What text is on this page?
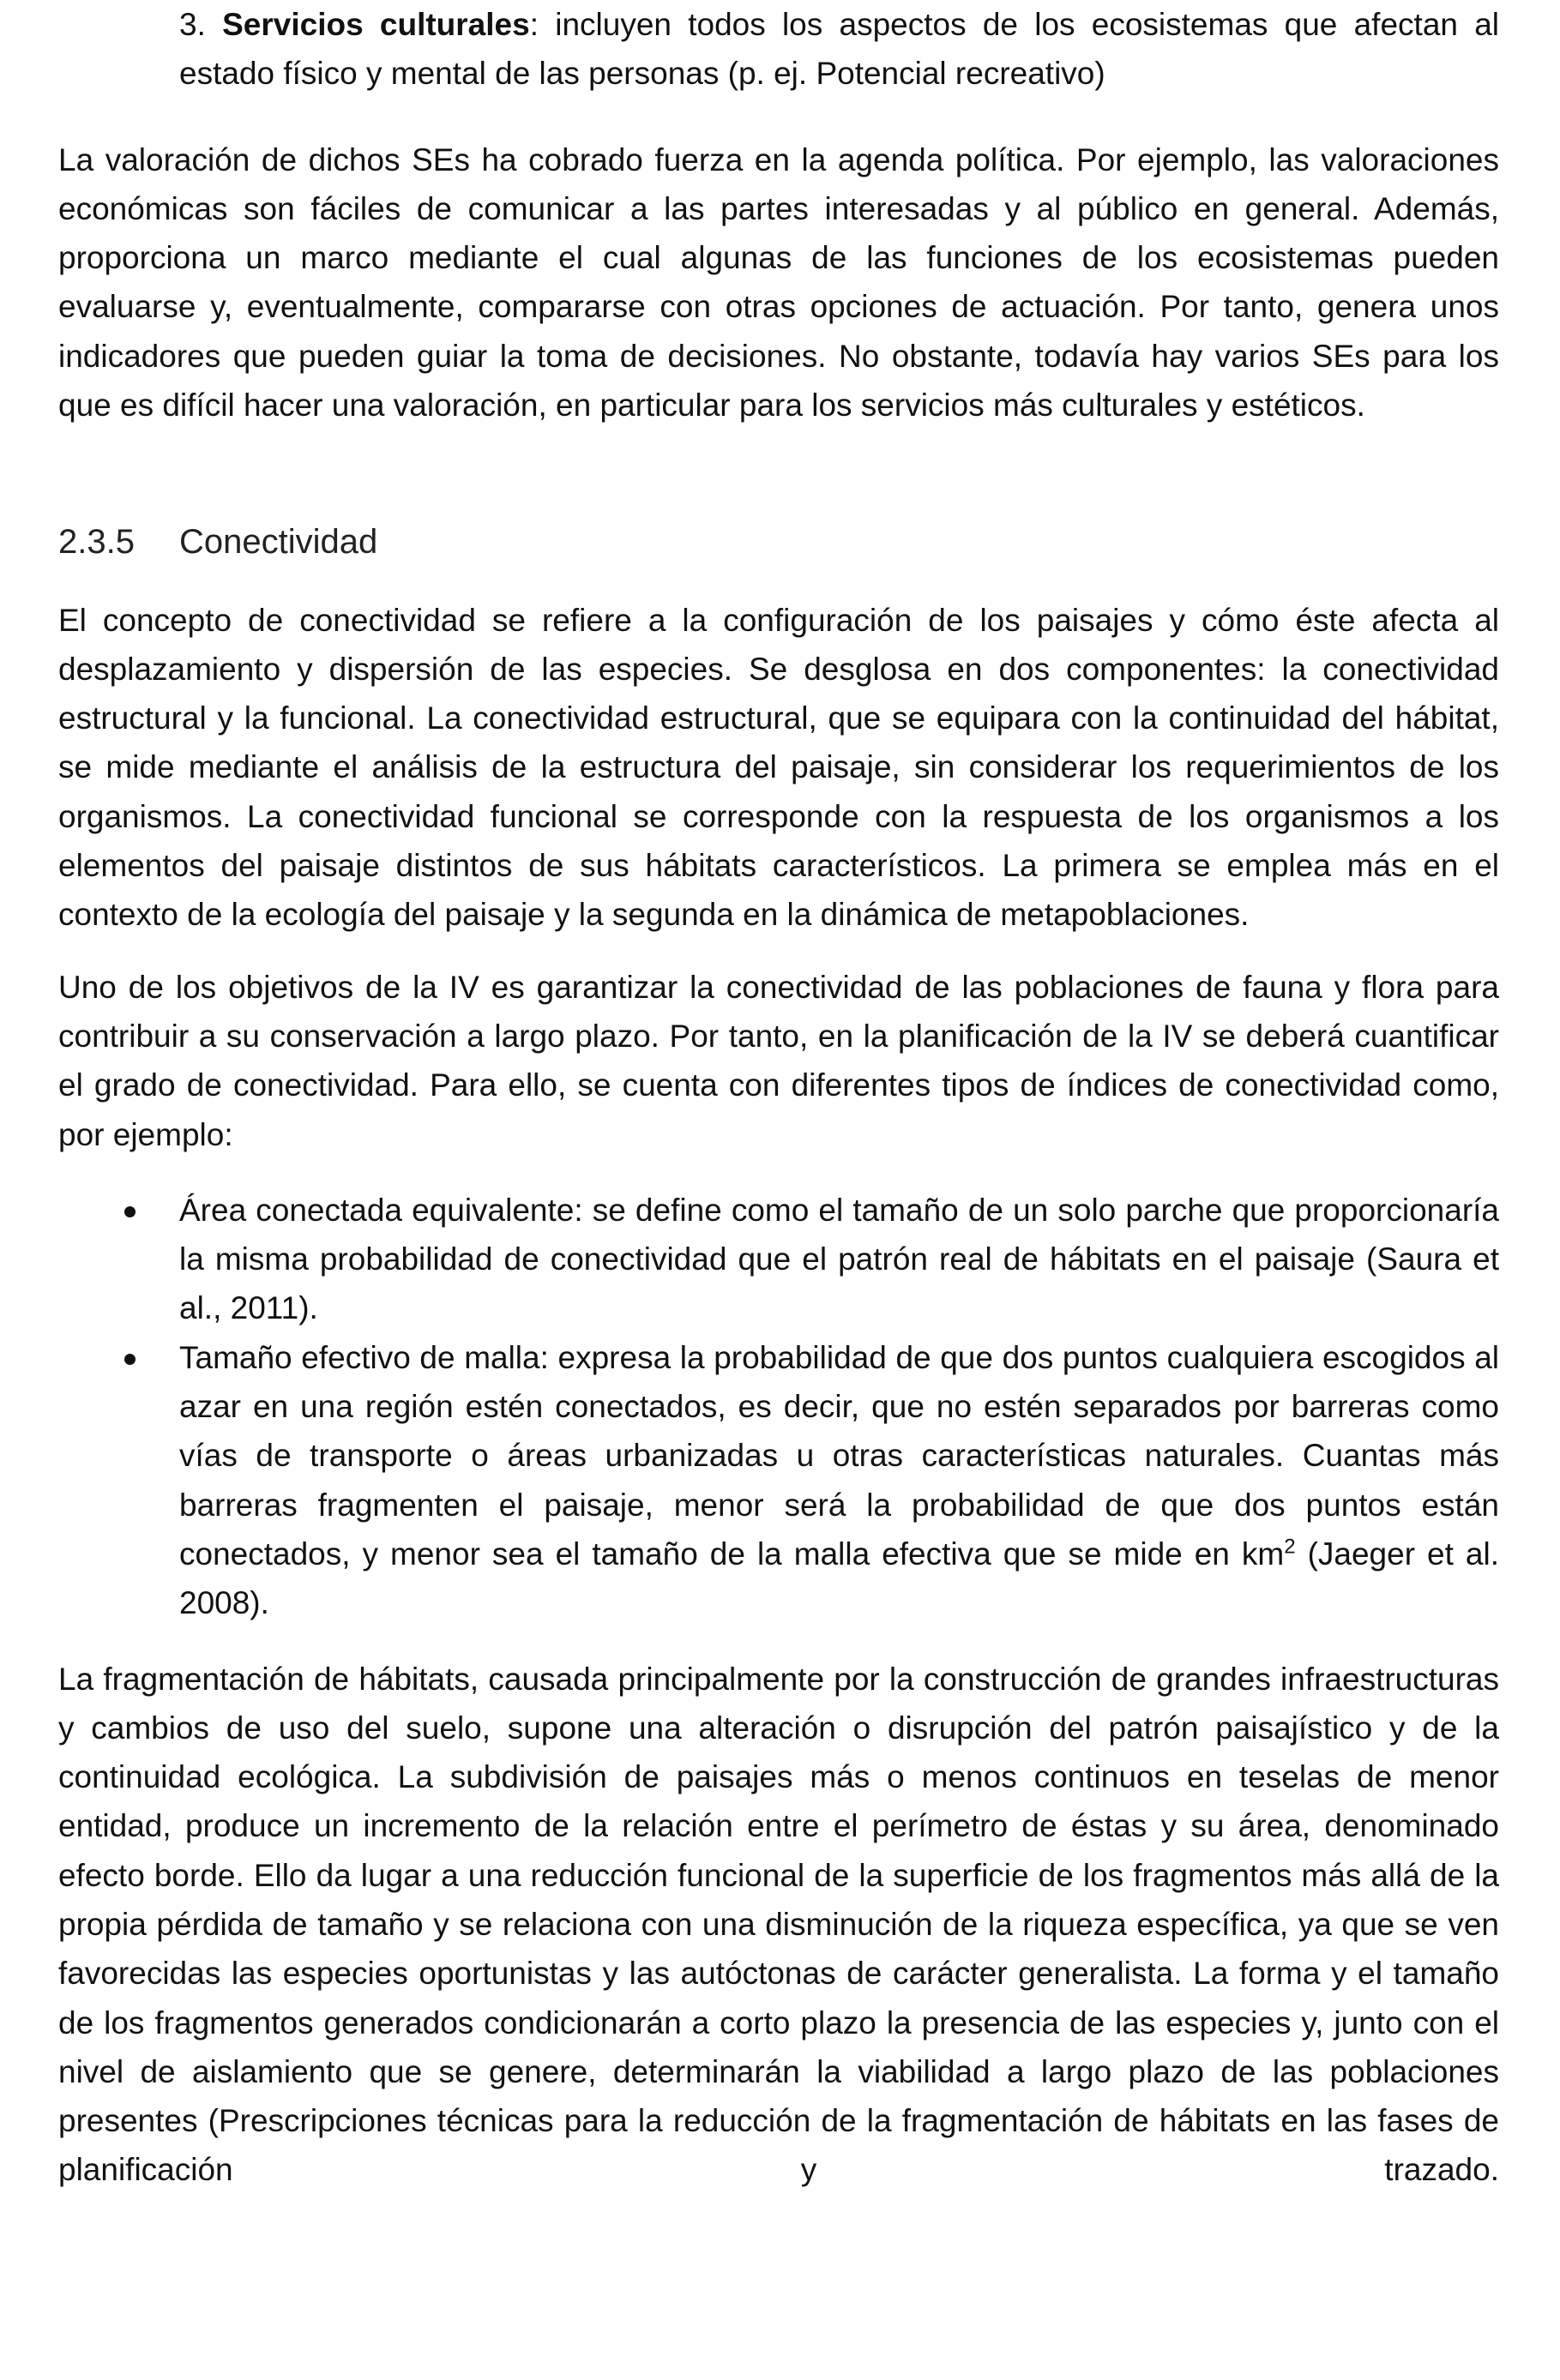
3. Servicios culturales: incluyen todos los aspectos de los ecosistemas que afectan al estado físico y mental de las personas (p. ej. Potencial recreativo)

La valoración de dichos SEs ha cobrado fuerza en la agenda política. Por ejemplo, las valoraciones económicas son fáciles de comunicar a las partes interesadas y al público en general. Además, proporciona un marco mediante el cual algunas de las funciones de los ecosistemas pueden evaluarse y, eventualmente, compararse con otras opciones de actuación. Por tanto, genera unos indicadores que pueden guiar la toma de decisiones. No obstante, todavía hay varios SEs para los que es difícil hacer una valoración, en particular para los servicios más culturales y estéticos.

2.3.5 Conectividad

El concepto de conectividad se refiere a la configuración de los paisajes y cómo éste afecta al desplazamiento y dispersión de las especies. Se desglosa en dos componentes: la conectividad estructural y la funcional. La conectividad estructural, que se equipara con la continuidad del hábitat, se mide mediante el análisis de la estructura del paisaje, sin considerar los requerimientos de los organismos. La conectividad funcional se corresponde con la respuesta de los organismos a los elementos del paisaje distintos de sus hábitats característicos. La primera se emplea más en el contexto de la ecología del paisaje y la segunda en la dinámica de metapoblaciones.

Uno de los objetivos de la IV es garantizar la conectividad de las poblaciones de fauna y flora para contribuir a su conservación a largo plazo. Por tanto, en la planificación de la IV se deberá cuantificar el grado de conectividad. Para ello, se cuenta con diferentes tipos de índices de conectividad como, por ejemplo:

Área conectada equivalente: se define como el tamaño de un solo parche que proporcionaría la misma probabilidad de conectividad que el patrón real de hábitats en el paisaje (Saura et al., 2011).
Tamaño efectivo de malla: expresa la probabilidad de que dos puntos cualquiera escogidos al azar en una región estén conectados, es decir, que no estén separados por barreras como vías de transporte o áreas urbanizadas u otras características naturales. Cuantas más barreras fragmenten el paisaje, menor será la probabilidad de que dos puntos están conectados, y menor sea el tamaño de la malla efectiva que se mide en $km^2$ (Jaeger et al. 2008).

La fragmentación de hábitats, causada principalmente por la construcción de grandes infraestructuras y cambios de uso del suelo, supone una alteración o disrupción del patrón paisajístico y de la continuidad ecológica. La subdivisión de paisajes más o menos continuos en teselas de menor entidad, produce un incremento de la relación entre el perímetro de éstas y su área, denominado efecto borde. Ello da lugar a una reducción funcional de la superficie de los fragmentos más allá de la propia pérdida de tamaño y se relaciona con una disminución de la riqueza específica, ya que se ven favorecidas las especies oportunistas y las autóctonas de carácter generalista. La forma y el tamaño de los fragmentos generados condicionarán a corto plazo la presencia de las especies y, junto con el nivel de aislamiento que se genere, determinarán la viabilidad a largo plazo de las poblaciones presentes (Prescripciones técnicas para la reducción de la fragmentación de hábitats en las fases de planificación y trazado.
